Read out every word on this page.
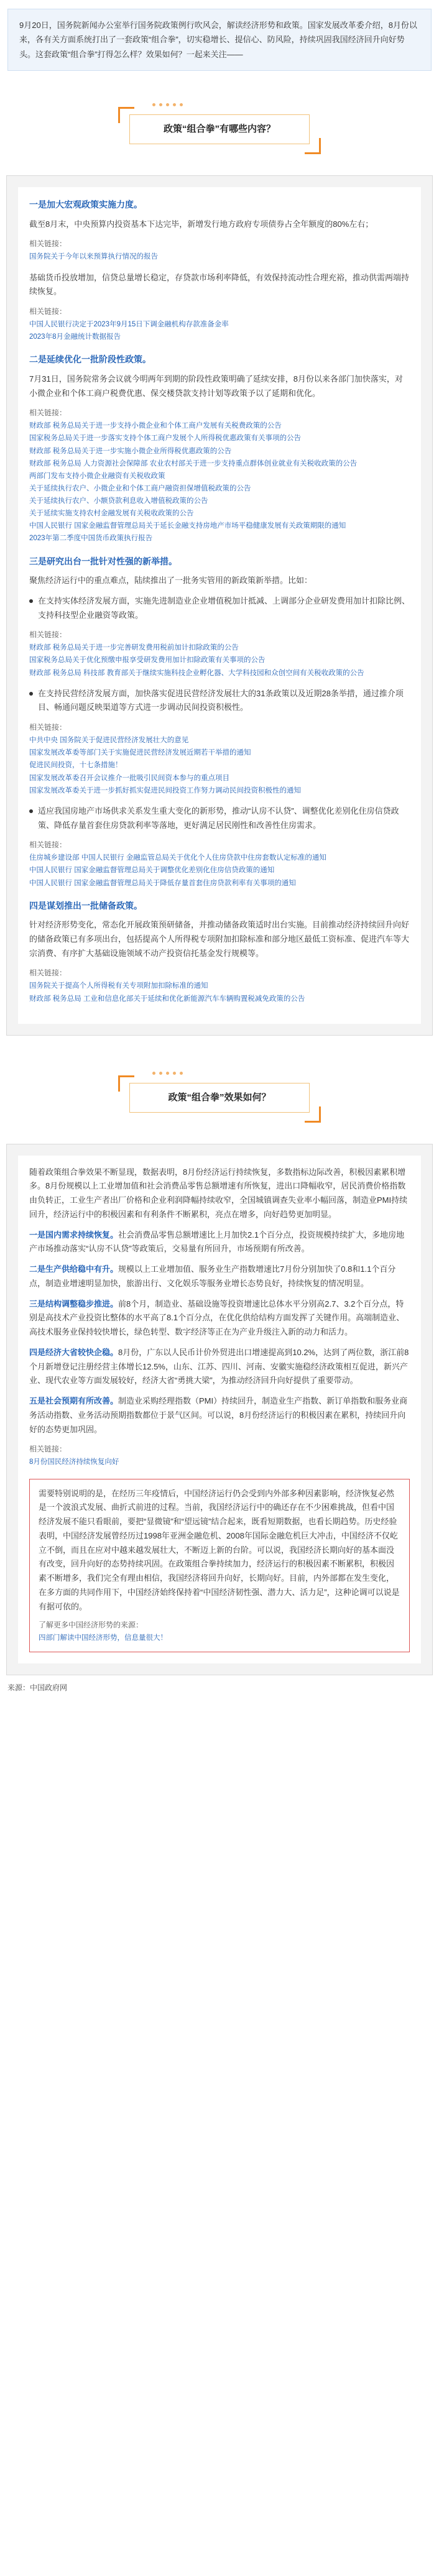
9月20日，国务院新闻办公室举行国务院政策例行吹风会，解读经济形势和政策。国家发展改革委介绍，8月份以来，各有关方面系统打出了一套政策“组合拳”，切实稳增长、提信心、防风险，持续巩固我国经济回升向好势头。这套政策“组合拳”打得怎么样？效果如何？一起来关注——
政策“组合拳”有哪些内容？
一是加大宏观政策实施力度。
截至8月末，中央预算内投资基本下达完毕，新增发行地方政府专项债券占全年额度的80%左右；
相关链接：
国务院关于今年以来预算执行情况的报告
基础货币投放增加，信贷总量增长稳定，存贷款市场利率降低，有效保持流动性合理充裕，推动供需两端持续恢复。
相关链接：
中国人民银行决定于2023年9月15日下调金融机构存款准备金率
2023年8月金融统计数据报告
二是延续优化一批阶段性政策。
7月31日，国务院常务会议就今明两年到期的阶段性政策明确了延续安排，8月份以来各部门加快落实，对小微企业和个体工商户税费优惠、保交楼贷款支持计划等政策予以了延期和优化。
相关链接：
财政部 税务总局关于进一步支持小微企业和个体工商户发展有关税费政策的公告
国家税务总局关于进一步落实支持个体工商户发展个人所得税优惠政策有关事项的公告
财政部 税务总局关于进一步实施小微企业所得税优惠政策的公告
财政部 税务总局 人力资源社会保障部 农业农村部关于进一步支持重点群体创业就业有关税收政策的公告
两部门发布支持小微企业融资有关税收政策
关于延续执行农户、小微企业和个体工商户融资担保增值税政策的公告
关于延续执行农户、小额贷款利息收入增值税政策的公告
关于延续实施支持农村金融发展有关税收政策的公告
中国人民银行 国家金融监督管理总局关于延长金融支持房地产市场平稳健康发展有关政策期限的通知
2023年第二季度中国货币政策执行报告
三是研究出台一批针对性强的新举措。
聚焦经济运行中的重点难点，陆续推出了一批务实管用的新政策新举措。比如：
在支持实体经济发展方面，实施先进制造业企业增值税加计抵减、上调部分企业研发费用加计扣除比例、支持科技型企业融资等政策。
相关链接：
财政部 税务总局关于进一步完善研发费用税前加计扣除政策的公告
国家税务总局关于优化预缴申报享受研发费用加计扣除政策有关事项的公告
财政部 税务总局 科技部 教育部关于继续实施科技企业孵化器、大学科技园和众创空间有关税收政策的公告
在支持民营经济发展方面，加快落实促进民营经济发展壮大的31条政策以及近期28条举措，通过推介项目、畅通问题反映渠道等方式进一步调动民间投资积极性。
相关链接：
中共中央 国务院关于促进民营经济发展壮大的意见
国家发展改革委等部门关于实施促进民营经济发展近期若干举措的通知
促进民间投资，十七条措施！
国家发展改革委召开会议推介一批吸引民间资本参与的重点项目
国家发展改革委关于进一步抓好抓实促进民间投资工作努力调动民间投资积极性的通知
适应我国房地产市场供求关系发生重大变化的新形势，推动“认房不认贷”、调整优化差别化住房信贷政策、降低存量首套住房贷款利率等落地，更好满足居民刚性和改善性住房需求。
相关链接：
住房城乡建设部 中国人民银行 金融监管总局关于优化个人住房贷款中住房套数认定标准的通知
中国人民银行 国家金融监督管理总局关于调整优化差别化住房信贷政策的通知
中国人民银行 国家金融监督管理总局关于降低存量首套住房贷款利率有关事项的通知
四是谋划推出一批储备政策。
针对经济形势变化，常态化开展政策预研储备，并推动储备政策适时出台实施。目前推动经济持续回升向好的储备政策已有多项出台，包括提高个人所得税专项附加扣除标准和部分地区最低工资标准、促进汽车等大宗消费、有序扩大基础设施领域不动产投资信托基金发行规模等。
相关链接：
国务院关于提高个人所得税有关专项附加扣除标准的通知
财政部 税务总局 工业和信息化部关于延续和优化新能源汽车车辆购置税减免政策的公告
政策“组合拳”效果如何？
随着政策组合拳效果不断显现，数据表明，8月份经济运行持续恢复，多数指标边际改善，积极因素累积增多。8月份规模以上工业增加值和社会消费品零售总额增速有所恢复，进出口降幅收窄，居民消费价格指数由负转正，工业生产者出厂价格和企业利润降幅持续收窄，全国城镇调查失业率小幅回落，制造业PMI持续回升，经济运行中的积极因素和有利条件不断累积，亮点在增多，向好趋势更加明显。
一是国内需求持续恢复。社会消费品零售总额增速比上月加快2.1个百分点，投资规模持续扩大，多地房地产市场推动落实“认房不认贷”等政策后，交易量有所回升，市场预期有所改善。
二是生产供给稳中有升。规模以上工业增加值、服务业生产指数增速比7月份分别加快了0.8和1.1个百分点，制造业增速明显加快，旅游出行、文化娱乐等服务业增长态势良好，持续恢复的情况明显。
三是结构调整稳步推进。前8个月，制造业、基础设施等投资增速比总体水平分别高2.7、3.2个百分点，特别是高技术产业投资比整体的水平高了8.1个百分点，在优化供给结构方面发挥了关键作用。高端制造业、高技术服务业保持较快增长，绿色转型、数字经济等正在为产业升级注入新的动力和活力。
四是经济大省较快企稳。8月份，广东以人民币计价外贸进出口增速提高到10.2%，达到了两位数，浙江前8个月新增登记注册经营主体增长12.5%，山东、江苏、四川、河南、安徽实施稳经济政策相互促进，新兴产业、现代农业等方面发展较好，经济大省“勇挑大梁”，为推动经济回升向好提供了重要带动。
五是社会预期有所改善。制造业采购经理指数（PMI）持续回升，制造业生产指数、新订单指数和服务业商务活动指数、业务活动预期指数都位于景气区间。可以说，8月份经济运行的积极因素在累积，持续回升向好的态势更加巩固。
相关链接：
8月份国民经济持续恢复向好
需要特别说明的是，在经历三年疫情后，中国经济运行仍会受到内外部多种因素影响，经济恢复必然是一个波浪式发展、曲折式前进的过程。当前，我国经济运行中的确还存在不少困难挑战，但看中国经济发展不能只看眼前，要把“显微镜”和“望远镜”结合起来，既看短期数据，也看长期趋势。历史经验表明，中国经济发展曾经历过1998年亚洲金融危机、2008年国际金融危机巨大冲击，中国经济不仅屹立不倒，而且在应对中越来越发展壮大，不断迈上新的台阶。可以说，我国经济长期向好的基本面没有改变，回升向好的态势持续巩固。在政策组合拳持续加力，经济运行的积极因素不断累积，积极因素不断增多，我们完全有理由相信，我国经济将回升向好，长期向好。目前，内外部都在发生变化，在多方面的共同作用下，中国经济始终保持着“中国经济韧性强、潜力大、活力足”，这种论调可以说是有据可依的。
了解更多中国经济形势的来源：
四部门解读中国经济形势，信息量很大！
来源：中国政府网
